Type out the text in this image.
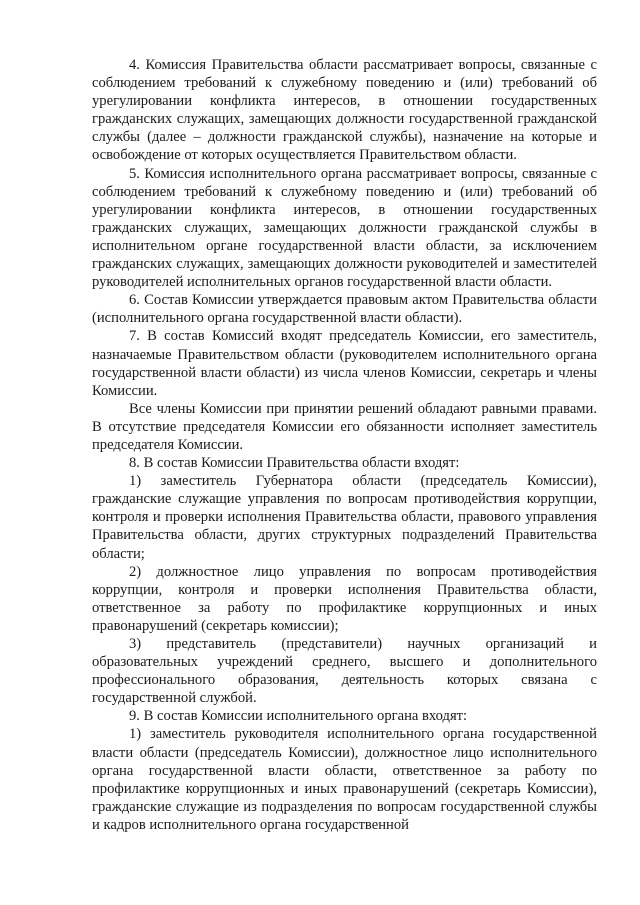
4. Комиссия Правительства области рассматривает вопросы, связанные с соблюдением требований к служебному поведению и (или) требований об урегулировании конфликта интересов, в отношении государственных гражданских служащих, замещающих должности государственной гражданской службы (далее – должности гражданской службы), назначение на которые и освобождение от которых осуществляется Правительством области.

5. Комиссия исполнительного органа рассматривает вопросы, связанные с соблюдением требований к служебному поведению и (или) требований об урегулировании конфликта интересов, в отношении государственных гражданских служащих, замещающих должности гражданской службы в исполнительном органе государственной власти области, за исключением гражданских служащих, замещающих должности руководителей и заместителей руководителей исполнительных органов государственной власти области.

6. Состав Комиссии утверждается правовым актом Правительства области (исполнительного органа государственной власти области).

7. В состав Комиссий входят председатель Комиссии, его заместитель, назначаемые Правительством области (руководителем исполнительного органа государственной власти области) из числа членов Комиссии, секретарь и члены Комиссии.

Все члены Комиссии при принятии решений обладают равными правами. В отсутствие председателя Комиссии его обязанности исполняет заместитель председателя Комиссии.

8. В состав Комиссии Правительства области входят:

1) заместитель Губернатора области (председатель Комиссии), гражданские служащие управления по вопросам противодействия коррупции, контроля и проверки исполнения Правительства области, правового управления Правительства области, других структурных подразделений Правительства области;

2) должностное лицо управления по вопросам противодействия коррупции, контроля и проверки исполнения Правительства области, ответственное за работу по профилактике коррупционных и иных правонарушений (секретарь комиссии);

3) представитель (представители) научных организаций и образовательных учреждений среднего, высшего и дополнительного профессионального образования, деятельность которых связана с государственной службой.

9. В состав Комиссии исполнительного органа входят:

1) заместитель руководителя исполнительного органа государственной власти области (председатель Комиссии), должностное лицо исполнительного органа государственной власти области, ответственное за работу по профилактике коррупционных и иных правонарушений (секретарь Комиссии), гражданские служащие из подразделения по вопросам государственной службы и кадров исполнительного органа государственной
